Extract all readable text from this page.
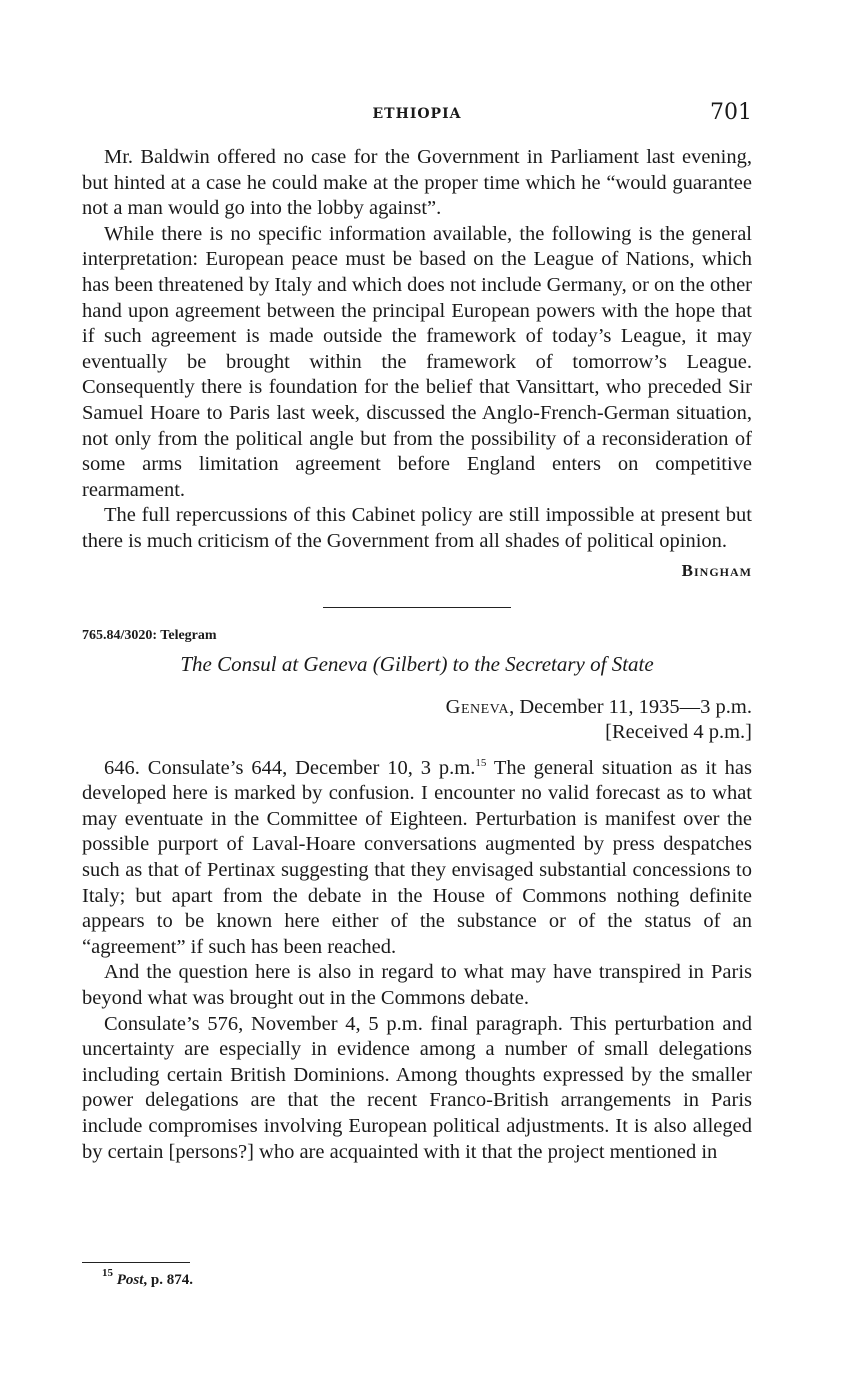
ETHIOPIA	701

Mr. Baldwin offered no case for the Government in Parliament last evening, but hinted at a case he could make at the proper time which he “would guarantee not a man would go into the lobby against”.

While there is no specific information available, the following is the general interpretation: European peace must be based on the League of Nations, which has been threatened by Italy and which does not include Germany, or on the other hand upon agreement between the principal European powers with the hope that if such agreement is made outside the framework of today’s League, it may eventually be brought within the framework of tomorrow’s League. Consequently there is foundation for the belief that Vansittart, who preceded Sir Samuel Hoare to Paris last week, discussed the Anglo-French-German situation, not only from the political angle but from the possibility of a reconsideration of some arms limitation agreement before England enters on competitive rearmament.

The full repercussions of this Cabinet policy are still impossible at present but there is much criticism of the Government from all shades of political opinion.

Bingham

765.84/3020: Telegram
The Consul at Geneva (Gilbert) to the Secretary of State
Geneva, December 11, 1935—3 p.m.
[Received 4 p.m.]

646. Consulate’s 644, December 10, 3 p.m.$^{15}$ The general situation as it has developed here is marked by confusion. I encounter no valid forecast as to what may eventuate in the Committee of Eighteen. Perturbation is manifest over the possible purport of Laval-Hoare conversations augmented by press despatches such as that of Pertinax suggesting that they envisaged substantial concessions to Italy; but apart from the debate in the House of Commons nothing definite appears to be known here either of the substance or of the status of an “agreement” if such has been reached.

And the question here is also in regard to what may have transpired in Paris beyond what was brought out in the Commons debate.

Consulate’s 576, November 4, 5 p.m. final paragraph. This perturbation and uncertainty are especially in evidence among a number of small delegations including certain British Dominions. Among thoughts expressed by the smaller power delegations are that the recent Franco-British arrangements in Paris include compromises involving European political adjustments. It is also alleged by certain [persons?] who are acquainted with it that the project mentioned in

$^{15}$ Post, p. 874.
